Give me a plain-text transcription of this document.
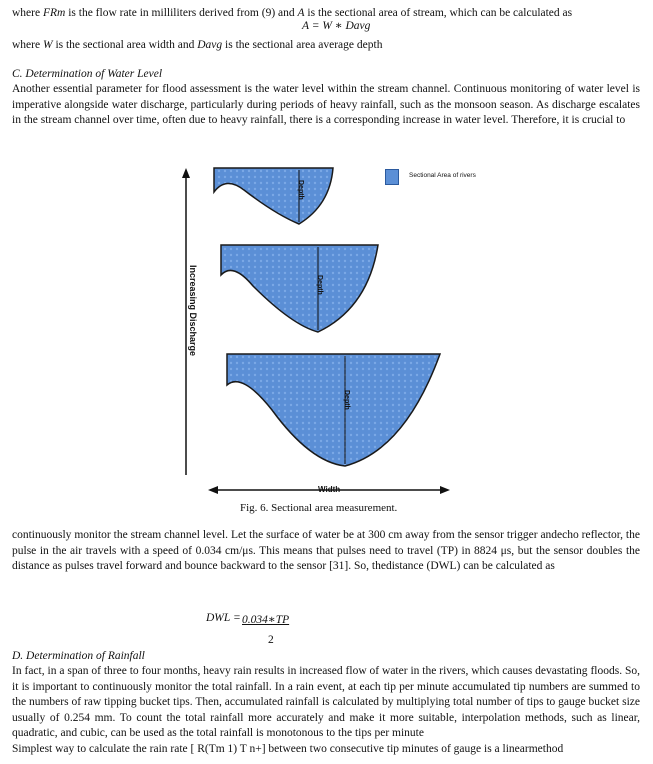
where FRm is the flow rate in milliliters derived from (9) and A is the sectional area of stream, which can be calculated as
A = W ∗ Davg
where W is the sectional area width and Davg is the sectional area average depth
C. Determination of Water Level
Another essential parameter for flood assessment is the water level within the stream channel. Continuous monitoring of water level is imperative alongside water discharge, particularly during periods of heavy rainfall, such as the monsoon season. As discharge escalates in the stream channel over time, often due to heavy rainfall, there is a corresponding increase in water level. Therefore, it is crucial to
Sectional Area of rivers
Depth
Depth
Depth
Increasing Discharge
Width
Fig. 6. Sectional area measurement.
continuously monitor the stream channel level. Let the surface of water be at 300 cm away from the sensor trigger andecho reflector, the pulse in the air travels with a speed of 0.034 cm/μs. This means that pulses need to travel (TP) in 8824 μs, but the sensor doubles the distance as pulses travel forward and bounce backward to the sensor [31]. So, thedistance (DWL) can be calculated as
DWL = 0.034∗TP
2
D. Determination of Rainfall
In fact, in a span of three to four months, heavy rain results in increased flow of water in the rivers, which causes devastating floods. So, it is important to continuously monitor the total rainfall. In a rain event, at each tip per minute accumulated tip numbers are summed to the numbers of raw tipping bucket tips. Then, accumulated rainfall is calculated by multiplying total number of tips to gauge bucket size usually of 0.254 mm. To count the total rainfall more accurately and make it more suitable, interpolation methods, such as linear, quadratic, and cubic, can be used as the total rainfall is monotonous to the tips per minute
Simplest way to calculate the rain rate [ R(Tm 1) T n+] between two consecutive tip minutes of gauge is a linearmethod
